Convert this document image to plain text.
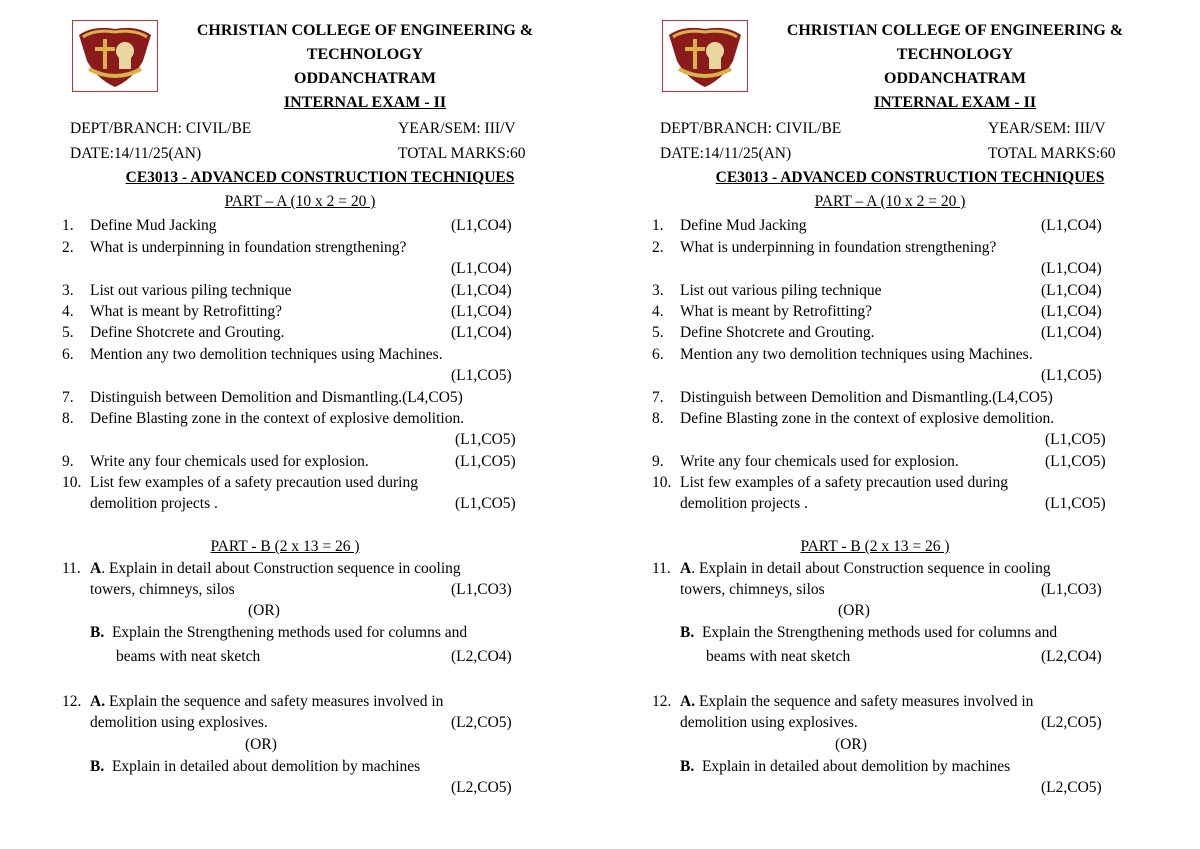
CHRISTIAN COLLEGE OF ENGINEERING &
TECHNOLOGY
ODDANCHATRAM
INTERNAL EXAM - II
DEPT/BRANCH: CIVIL/BE	YEAR/SEM: III/V
DATE:14/11/25(AN)	TOTAL MARKS:60
CE3013 - ADVANCED CONSTRUCTION TECHNIQUES
PART – A (10 x 2 = 20 )
1. Define Mud Jacking	(L1,CO4)
2. What is underpinning in foundation strengthening?
(L1,CO4)
3. List out various piling technique	(L1,CO4)
4. What is meant by Retrofitting?	(L1,CO4)
5. Define Shotcrete and Grouting.	(L1,CO4)
6. Mention any two demolition techniques using Machines.
(L1,CO5)
7. Distinguish between Demolition and Dismantling.(L4,CO5)
8. Define Blasting zone in the context of explosive demolition.
(L1,CO5)
9. Write any four chemicals used for explosion.	(L1,CO5)
10. List few examples of a safety precaution used during
demolition projects .	(L1,CO5)
PART - B (2 x 13 = 26 )
11. A. Explain in detail about Construction sequence in cooling
towers, chimneys, silos	(L1,CO3)
(OR)
B. Explain the Strengthening methods used for columns and
beams with neat sketch	(L2,CO4)
12. A. Explain the sequence and safety measures involved in
demolition using explosives.	(L2,CO5)
(OR)
B. Explain in detailed about demolition by machines
(L2,CO5)
CHRISTIAN COLLEGE OF ENGINEERING &
TECHNOLOGY
ODDANCHATRAM
INTERNAL EXAM - II
DEPT/BRANCH: CIVIL/BE	YEAR/SEM: III/V
DATE:14/11/25(AN)	TOTAL MARKS:60
CE3013 - ADVANCED CONSTRUCTION TECHNIQUES
PART – A (10 x 2 = 20 )
1. Define Mud Jacking	(L1,CO4)
2. What is underpinning in foundation strengthening?
(L1,CO4)
3. List out various piling technique	(L1,CO4)
4. What is meant by Retrofitting?	(L1,CO4)
5. Define Shotcrete and Grouting.	(L1,CO4)
6. Mention any two demolition techniques using Machines.
(L1,CO5)
7. Distinguish between Demolition and Dismantling.(L4,CO5)
8. Define Blasting zone in the context of explosive demolition.
(L1,CO5)
9. Write any four chemicals used for explosion.	(L1,CO5)
10. List few examples of a safety precaution used during
demolition projects .	(L1,CO5)
PART - B (2 x 13 = 26 )
11. A. Explain in detail about Construction sequence in cooling
towers, chimneys, silos	(L1,CO3)
(OR)
B. Explain the Strengthening methods used for columns and
beams with neat sketch	(L2,CO4)
12. A. Explain the sequence and safety measures involved in
demolition using explosives.	(L2,CO5)
(OR)
B. Explain in detailed about demolition by machines
(L2,CO5)
